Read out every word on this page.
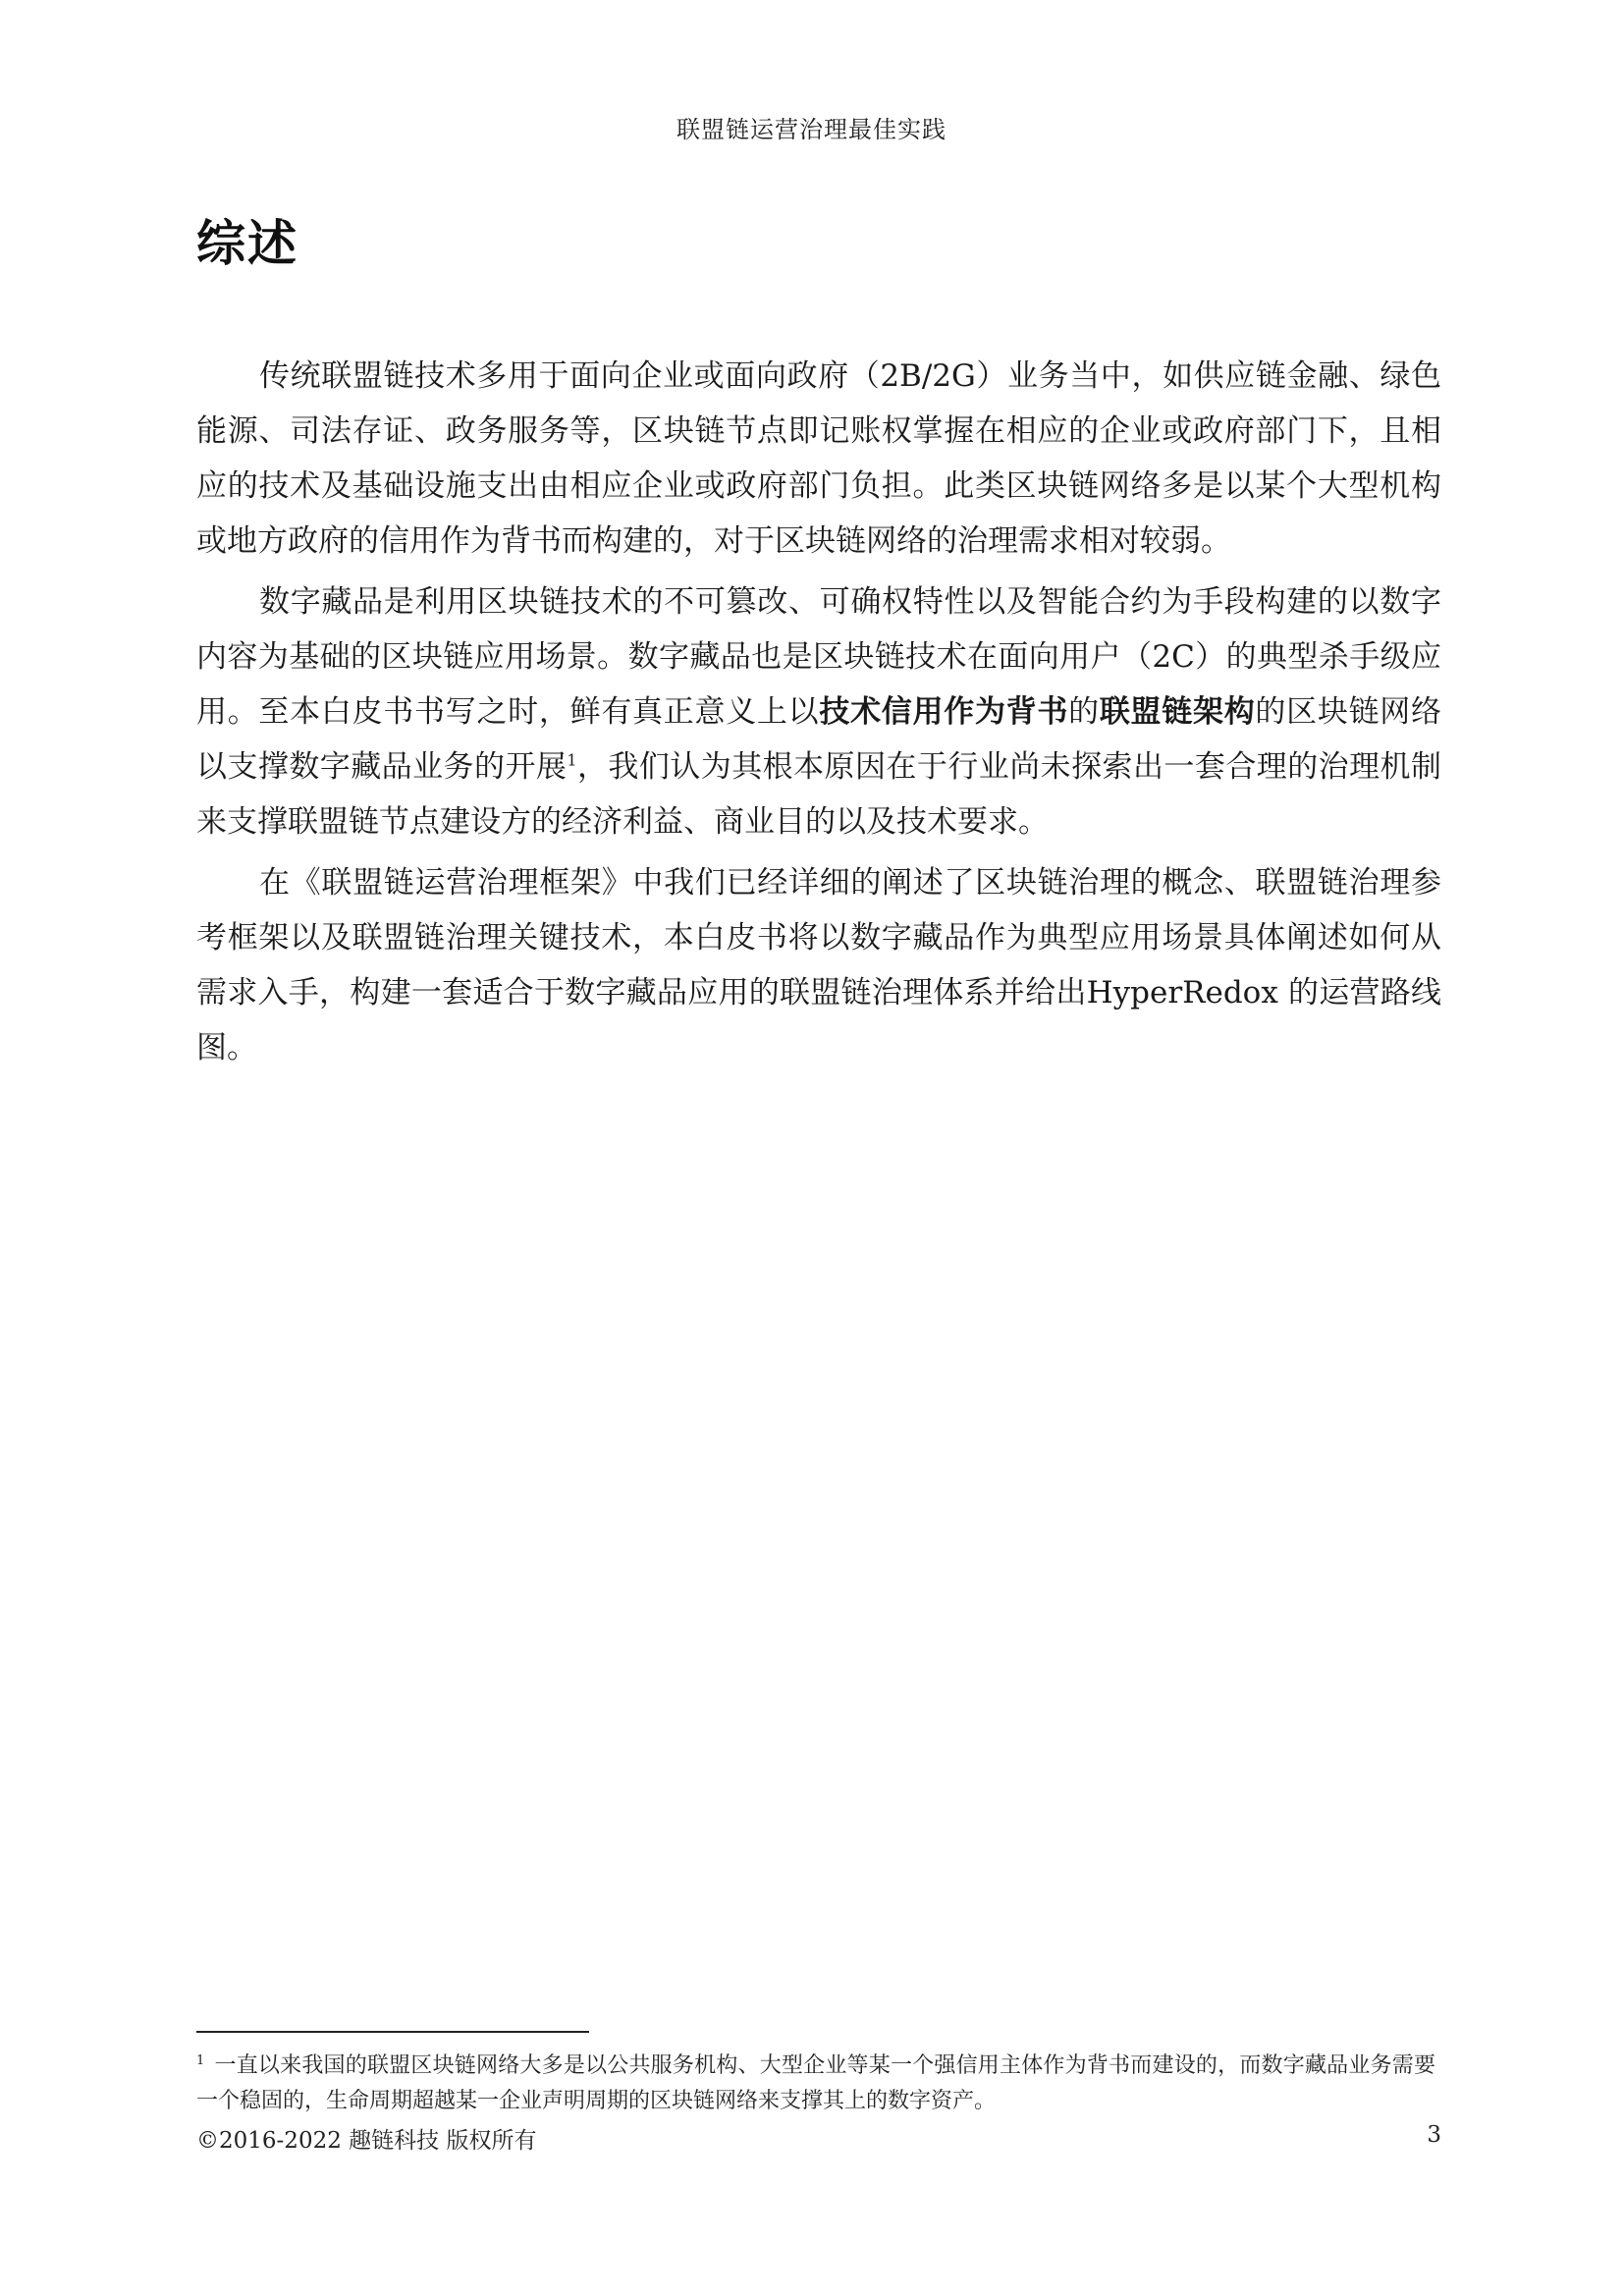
联盟链运营治理最佳实践
综述

传统联盟链技术多用于面向企业或面向政府（2B/2G）业务当中，如供应链金融、绿色能源、司法存证、政务服务等，区块链节点即记账权掌握在相应的企业或政府部门下，且相应的技术及基础设施支出由相应企业或政府部门负担。此类区块链网络多是以某个大型机构或地方政府的信用作为背书而构建的，对于区块链网络的治理需求相对较弱。

数字藏品是利用区块链技术的不可篡改、可确权特性以及智能合约为手段构建的以数字内容为基础的区块链应用场景。数字藏品也是区块链技术在面向用户（2C）的典型杀手级应用。至本白皮书书写之时，鲜有真正意义上以技术信用作为背书的联盟链架构的区块链网络以支撑数字藏品业务的开展$^1$，我们认为其根本原因在于行业尚未探索出一套合理的治理机制来支撑联盟链节点建设方的经济利益、商业目的以及技术要求。

在《联盟链运营治理框架》中我们已经详细的阐述了区块链治理的概念、联盟链治理参考框架以及联盟链治理关键技术，本白皮书将以数字藏品作为典型应用场景具体阐述如何从需求入手，构建一套适合于数字藏品应用的联盟链治理体系并给出HyperRedox 的运营路线图。

$^1$ 一直以来我国的联盟区块链网络大多是以公共服务机构、大型企业等某一个强信用主体作为背书而建设的，而数字藏品业务需要一个稳固的，生命周期超越某一企业声明周期的区块链网络来支撑其上的数字资产。
©2016-2022 趣链科技 版权所有	3
